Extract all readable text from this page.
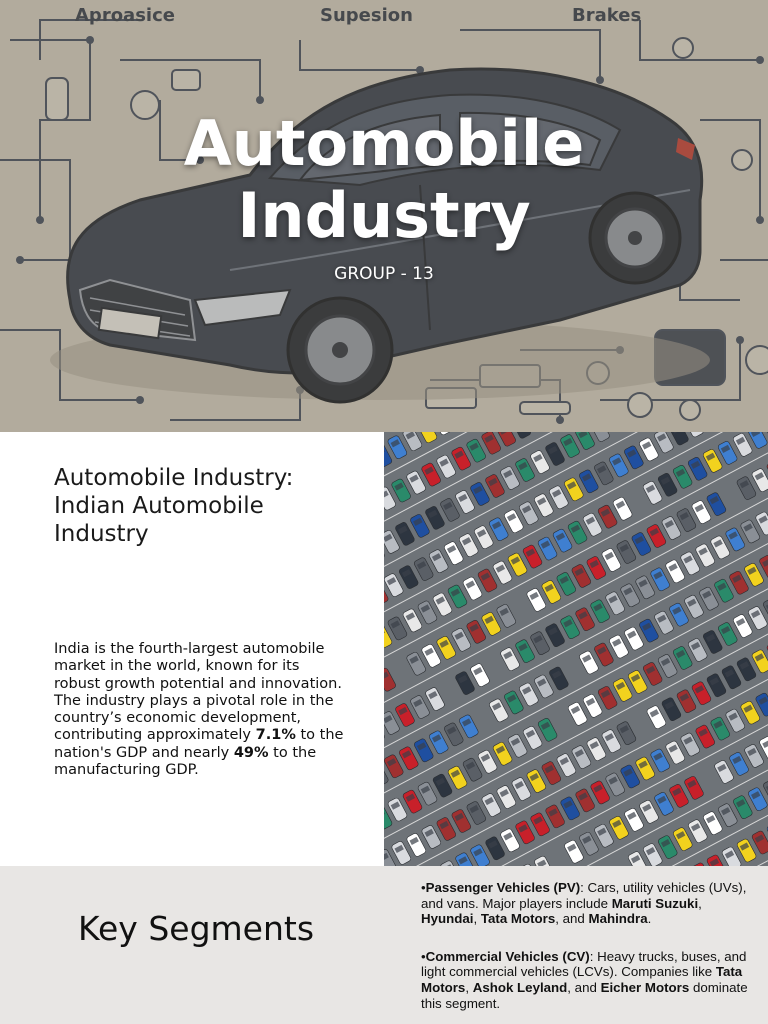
Aproasice	Supesion	Brakes
Automobile
Industry
GROUP - 13
Automobile Industry:
Indian Automobile
Industry

India is the fourth-largest automobile market in the world, known for its robust growth potential and innovation. The industry plays a pivotal role in the country’s economic development, contributing approximately 7.1% to the nation's GDP and nearly 49% to the manufacturing GDP.

Key Segments

•Passenger Vehicles (PV): Cars, utility vehicles (UVs), and vans. Major players include Maruti Suzuki, Hyundai, Tata Motors, and Mahindra.

•Commercial Vehicles (CV): Heavy trucks, buses, and light commercial vehicles (LCVs). Companies like Tata Motors, Ashok Leyland, and Eicher Motors dominate this segment.
